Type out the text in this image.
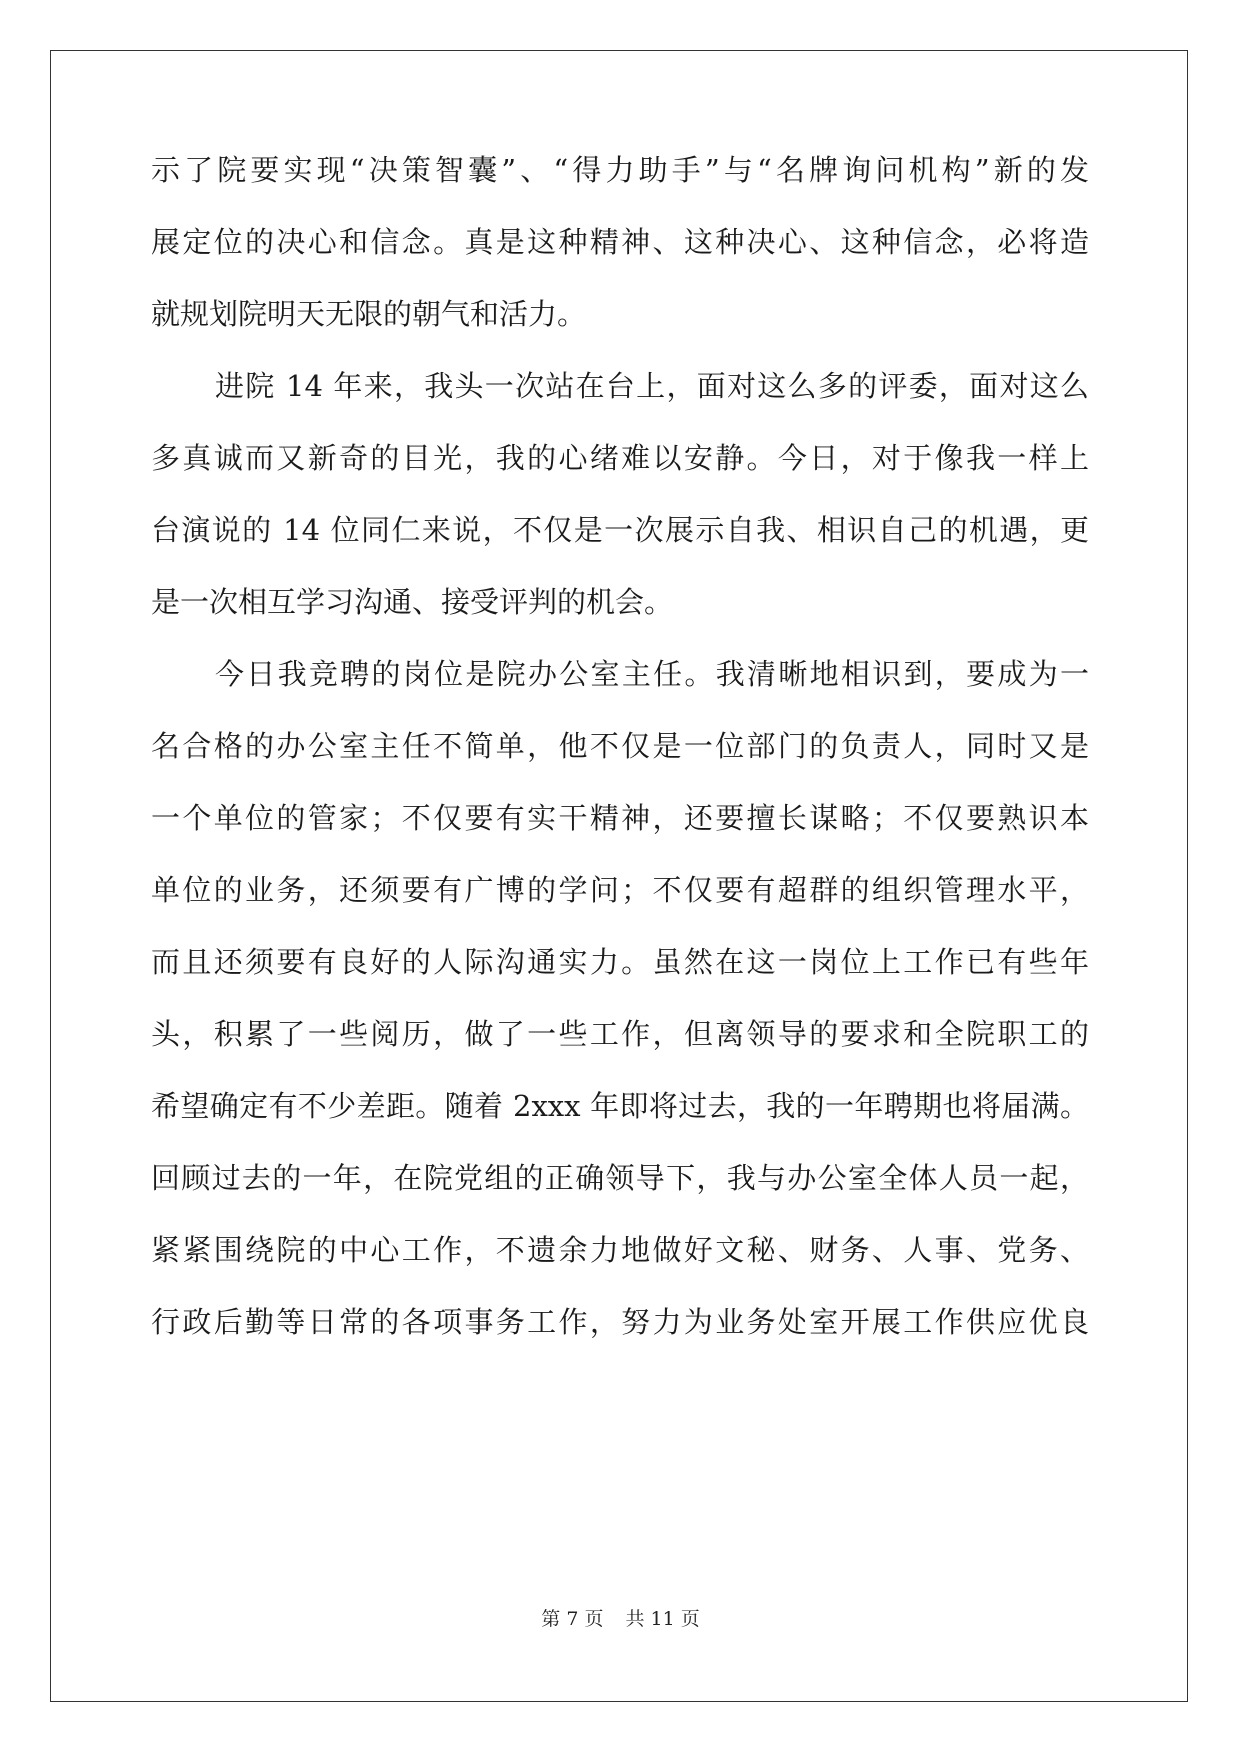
示了院要实现“决策智囊”、“得力助手”与“名牌询问机构”新的发
展定位的决心和信念。真是这种精神、这种决心、这种信念，必将造
就规划院明天无限的朝气和活力。
进院 14 年来，我头一次站在台上，面对这么多的评委，面对这么
多真诚而又新奇的目光，我的心绪难以安静。今日，对于像我一样上
台演说的 14 位同仁来说，不仅是一次展示自我、相识自己的机遇，更
是一次相互学习沟通、接受评判的机会。
今日我竞聘的岗位是院办公室主任。我清晰地相识到，要成为一
名合格的办公室主任不简单，他不仅是一位部门的负责人，同时又是
一个单位的管家；不仅要有实干精神，还要擅长谋略；不仅要熟识本
单位的业务，还须要有广博的学问；不仅要有超群的组织管理水平，
而且还须要有良好的人际沟通实力。虽然在这一岗位上工作已有些年
头，积累了一些阅历，做了一些工作，但离领导的要求和全院职工的
希望确定有不少差距。随着 2xxx 年即将过去，我的一年聘期也将届满。
回顾过去的一年，在院党组的正确领导下，我与办公室全体人员一起，
紧紧围绕院的中心工作，不遗余力地做好文秘、财务、人事、党务、
行政后勤等日常的各项事务工作，努力为业务处室开展工作供应优良
第 7 页 共 11 页
